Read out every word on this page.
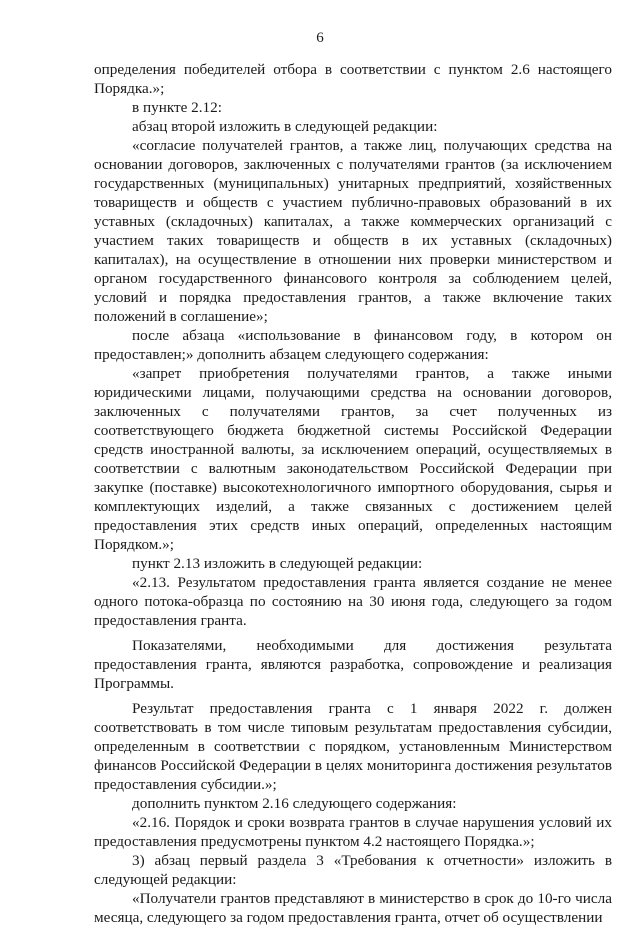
6

определения победителей отбора в соответствии с пунктом 2.6 настоящего Порядка.»;

в пункте 2.12:

абзац второй изложить в следующей редакции:

«согласие получателей грантов, а также лиц, получающих средства на основании договоров, заключенных с получателями грантов (за исключением государственных (муниципальных) унитарных предприятий, хозяйственных товариществ и обществ с участием публично-правовых образований в их уставных (складочных) капиталах, а также коммерческих организаций с участием таких товариществ и обществ в их уставных (складочных) капиталах), на осуществление в отношении них проверки министерством и органом государственного финансового контроля за соблюдением целей, условий и порядка предоставления грантов, а также включение таких положений в соглашение»;

после абзаца «использование в финансовом году, в котором он предоставлен;» дополнить абзацем следующего содержания:

«запрет приобретения получателями грантов, а также иными юридическими лицами, получающими средства на основании договоров, заключенных с получателями грантов, за счет полученных из соответствующего бюджета бюджетной системы Российской Федерации средств иностранной валюты, за исключением операций, осуществляемых в соответствии с валютным законодательством Российской Федерации при закупке (поставке) высокотехнологичного импортного оборудования, сырья и комплектующих изделий, а также связанных с достижением целей предоставления этих средств иных операций, определенных настоящим Порядком.»;

пункт 2.13 изложить в следующей редакции:

«2.13. Результатом предоставления гранта является создание не менее одного потока-образца по состоянию на 30 июня года, следующего за годом предоставления гранта.

Показателями, необходимыми для достижения результата предоставления гранта, являются разработка, сопровождение и реализация Программы.

Результат предоставления гранта с 1 января 2022 г. должен соответствовать в том числе типовым результатам предоставления субсидии, определенным в соответствии с порядком, установленным Министерством финансов Российской Федерации в целях мониторинга достижения результатов предоставления субсидии.»;

дополнить пунктом 2.16 следующего содержания:

«2.16. Порядок и сроки возврата грантов в случае нарушения условий их предоставления предусмотрены пунктом 4.2 настоящего Порядка.»;

3) абзац первый раздела 3 «Требования к отчетности» изложить в следующей редакции:

«Получатели грантов представляют в министерство в срок до 10-го числа месяца, следующего за годом предоставления гранта, отчет об осуществлении
